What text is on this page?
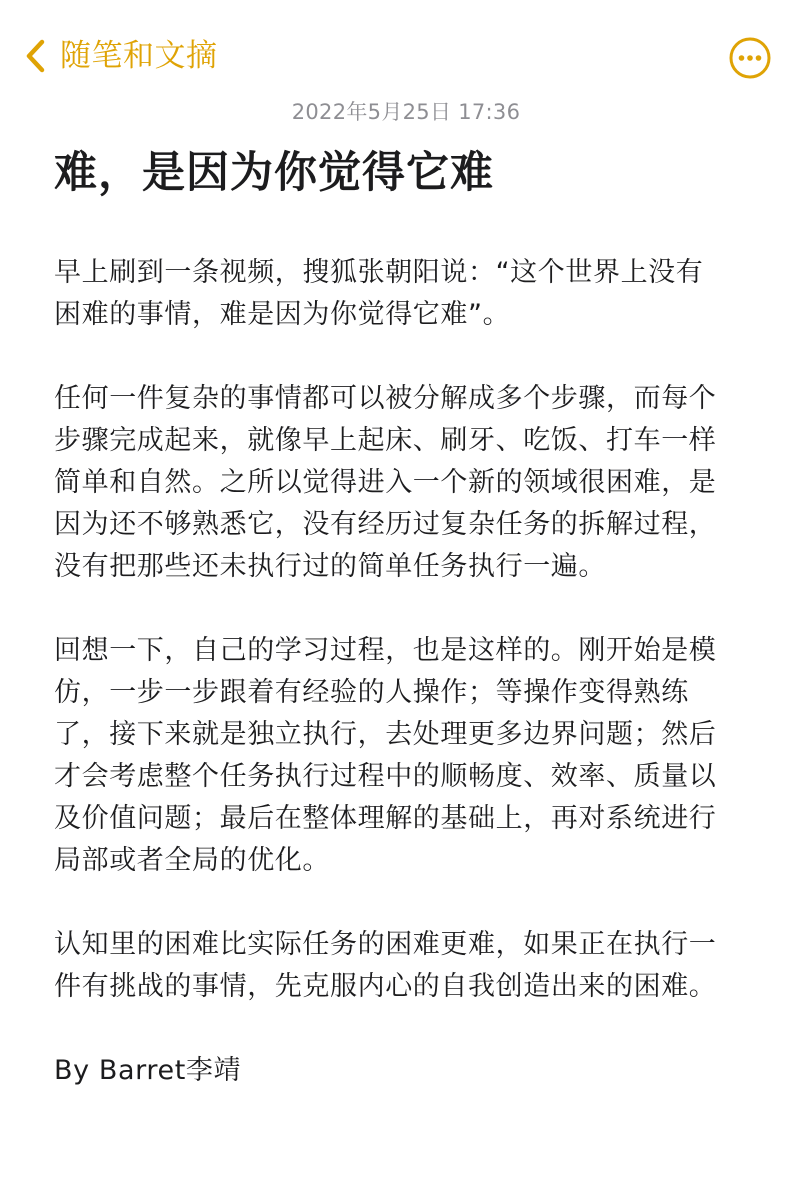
随笔和文摘
2022年5月25日 17:36
难，是因为你觉得它难

早上刷到一条视频，搜狐张朝阳说：“这个世界上没有
困难的事情，难是因为你觉得它难”。

任何一件复杂的事情都可以被分解成多个步骤，而每个
步骤完成起来，就像早上起床、刷牙、吃饭、打车一样
简单和自然。之所以觉得进入一个新的领域很困难，是
因为还不够熟悉它，没有经历过复杂任务的拆解过程，
没有把那些还未执行过的简单任务执行一遍。

回想一下，自己的学习过程，也是这样的。刚开始是模
仿，一步一步跟着有经验的人操作；等操作变得熟练
了，接下来就是独立执行，去处理更多边界问题；然后
才会考虑整个任务执行过程中的顺畅度、效率、质量以
及价值问题；最后在整体理解的基础上，再对系统进行
局部或者全局的优化。

认知里的困难比实际任务的困难更难，如果正在执行一
件有挑战的事情，先克服内心的自我创造出来的困难。

By Barret李靖
